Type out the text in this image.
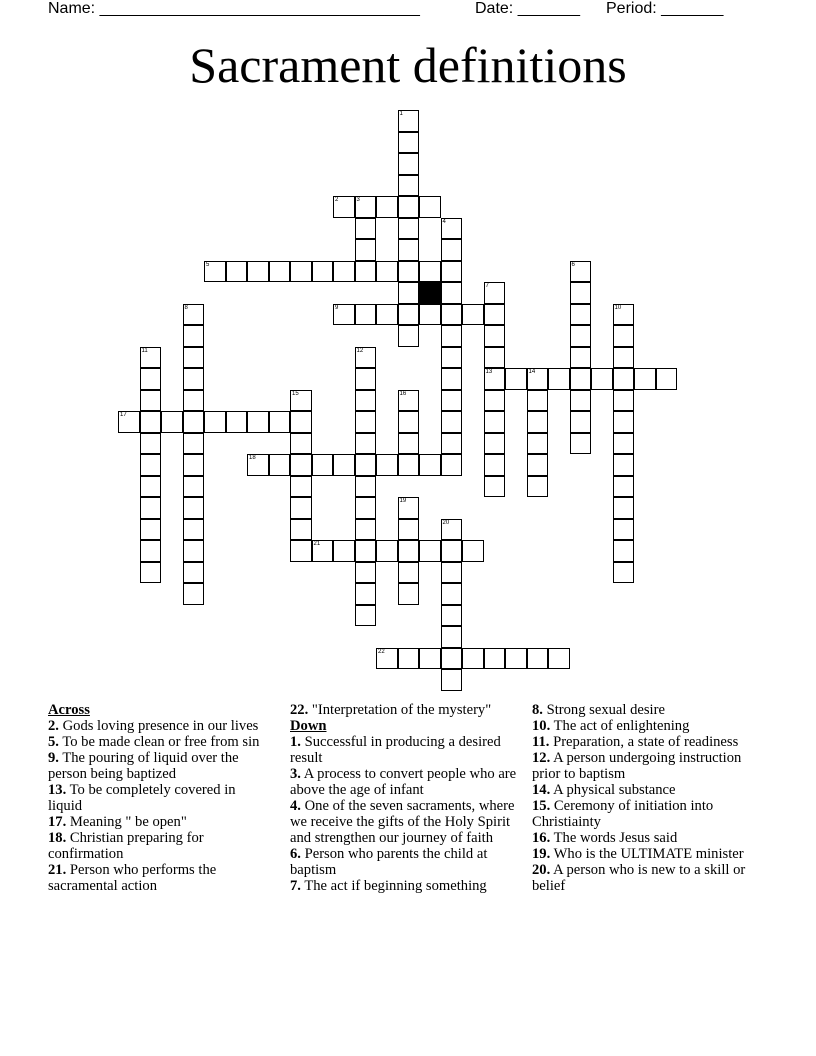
Name: ____________________________________	Date: _______ Period: _______
Sacrament definitions
1
2	3
4
5	6
7
13
8	9	10
11	12
14
15	16
17
18
19
20
21
22
Across
2. Gods loving presence in our lives
5. To be made clean or free from sin
9. The pouring of liquid over the person being baptized
13. To be completely covered in liquid
17. Meaning " be open"
18. Christian preparing for confirmation
21. Person who performs the sacramental action
22. "Interpretation of the mystery"
Down
1. Successful in producing a desired result
3. A process to convert people who are above the age of infant
4. One of the seven sacraments, where we receive the gifts of the Holy Spirit and strengthen our journey of faith
6. Person who parents the child at baptism
7. The act if beginning something
8. Strong sexual desire
10. The act of enlightening
11. Preparation, a state of readiness
12. A person undergoing instruction prior to baptism
14. A physical substance
15. Ceremony of initiation into Christiainty
16. The words Jesus said
19. Who is the ULTIMATE minister
20. A person who is new to a skill or belief
